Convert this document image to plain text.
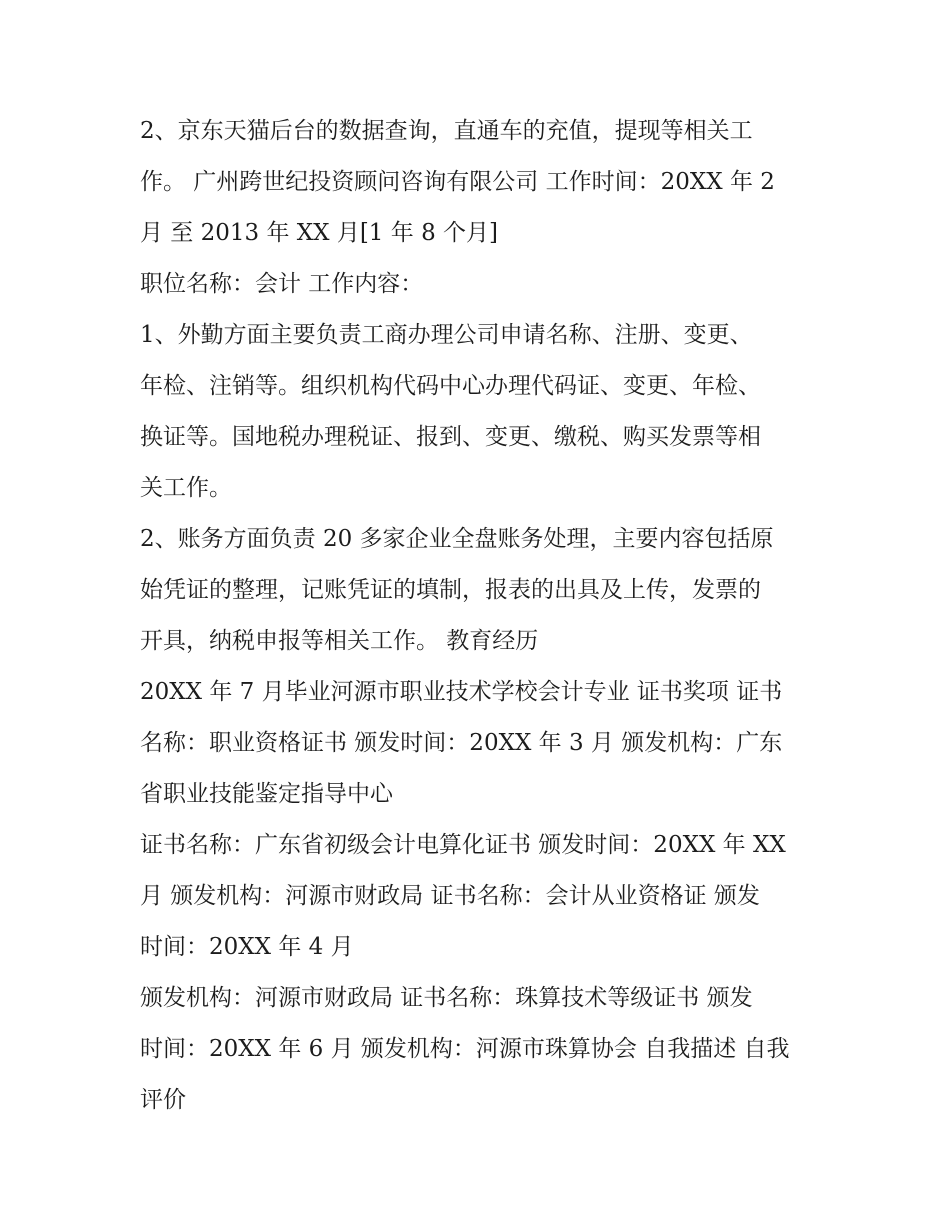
2、京东天猫后台的数据查询，直通车的充值，提现等相关工
作。 广州跨世纪投资顾问咨询有限公司 工作时间：20XX 年 2
月 至 2013 年 XX 月[1 年 8 个月]
职位名称：会计 工作内容：
1、外勤方面主要负责工商办理公司申请名称、注册、变更、
年检、注销等。组织机构代码中心办理代码证、变更、年检、
换证等。国地税办理税证、报到、变更、缴税、购买发票等相
关工作。
2、账务方面负责 20 多家企业全盘账务处理，主要内容包括原
始凭证的整理，记账凭证的填制，报表的出具及上传，发票的
开具，纳税申报等相关工作。 教育经历
20XX 年 7 月毕业河源市职业技术学校会计专业 证书奖项 证书
名称：职业资格证书 颁发时间：20XX 年 3 月 颁发机构：广东
省职业技能鉴定指导中心
证书名称：广东省初级会计电算化证书 颁发时间：20XX 年 XX
月 颁发机构：河源市财政局 证书名称：会计从业资格证 颁发
时间：20XX 年 4 月
颁发机构：河源市财政局 证书名称：珠算技术等级证书 颁发
时间：20XX 年 6 月 颁发机构：河源市珠算协会 自我描述 自我
评价
